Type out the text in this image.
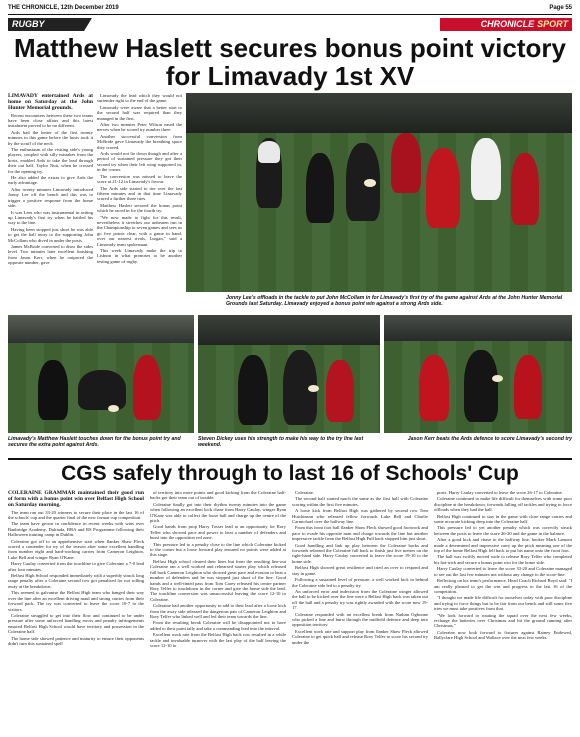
THE CHRONICLE, 12th December 2019	Page 55
RUGBY	CHRONICLE SPORT
Matthew Haslett secures bonus point victory for Limavady 1st XV

LIMAVADY entertained Ards at home on Saturday at the John Hunter Memorial grounds.

Recent encounters between these two teams have been close affairs and this latest instalment proved to be no different.

Ards had the better of the first twenty minutes in this game before the hosts took it by the scruff of the neck.

The enthusiasm of the visiting side's young players, coupled with silly mistakes from the hosts, enabled Ards to take the lead through their out half, Taylor Nutt, when he crossed for the opening try.

He also added the extras to give Ards the early advantage.

After twenty minutes Limavady introduced Jonny Lee off the bench and this was to trigger a positive response from the home side.

It was Lees who was instrumental in setting up Limavady's first try when he battled his way to the line.

Having been stopped just short he was able to get the ball away to the supporting John McCollam who dived in under the posts.

James McBride converted to draw the sides level. Two minutes later excellent finishing from Jason Kerr, when he outpaced the opposite number, gave

Limavady the lead which they would not surrender right to the end of the game.

Limavady were aware that a better start to the second half was required than they managed in the first.

After two minutes Peter Wilson eased the nerves when he scored try number three.

Another successful conversion from McBride gave Limavady the breathing space they craved.

Ards would not lie down though and after a period of sustained pressure they got their second try when their left wing supported in, in the corner.

The conversion was missed to leave the score at 21-12 in Limavady's favour.

The Ards side started to tire over the last fifteen minutes and in that time Limavady scored a further three tries.

Matthew Haslett secured the bonus point which he raced in for the fourth try.

"We now made to fight for this result, nevertheless it stretches our unbeaten run in the Championship to seven games and sees us go five points clear, with a game in hand, over our nearest rivals, Lurgan," said a Limavady team spokesman.

This week Limavady make the trip to Lisburn in what promises to be another testing game of rugby.

Jonny Lee's offloads in the tackle to put John McCollam in for Limavady's first try of the game against Ards at the John Hunter Memorial Grounds last Saturday. Limavady enjoyed a bonus point win against a strong Ards side.
Limavady's Matthew Haslett touches down for the bonus point try and secures the extra point against Ards.
Steven Dickey uses his strength to make his way to the try line last weekend.
Jason Kerr beats the Ards defence to score Limavady's second try
CGS safely through to last 16 of Schools' Cup

COLERAINE GRAMMAR maintained their good run of form with a bonus point win over Belfast High School on Saturday morning.

The team ran out 33-20 winners to secure their place in the last 16 of the schools' cup and the quarter final of the new format cup competition.

The team have grown in confidence in recent weeks with wins over Banbridge Academy, Dalriada, BRA and RS Programme following their Halloween training camp in Dublin.

Coleraine got off to an apprehensive start when flanker Shaw Fleck scored a contender for try of the season after some excellent handling from number eight and hard-working carries from Cameron Leighton, Luke Bell and winger Ryan O'Kane.

Harry Caulay converted from the touchline to give Coleraine a 7-0 lead after four minutes.

Belfast High School responded immediately with a superbly struck long range penalty after a Coleraine second row got penalised for not rolling away at the breakdown.

This seemed to galvanise the Belfast High team who banged their way over the line after an excellent driving maul and strong carries from their forward pack. The try was converted to leave the score 10-7 to the visitors.

Coleraine struggled to get into their flow and continued to be under pressure after some unforced handling errors and penalty infringements ensured Belfast High School would have territory and possession in the Coleraine half.

The home side showed patience and maturity to ensure their opponents didn't turn this sustained spell

of territory into more points and good kicking from the Coleraine half-backs got their team out of trouble.

Coleraine finally got into their rhythm twenty minutes into the game when following an excellent kick chase from Harry Caulay, winger Ryan O'Kane was able to collect the loose ball and charge up the centre of the pitch.

Good hands from prop Harry Tosser lead to an opportunity for Rory Telfer who showed pace and power to beat a number of defenders and burst into the opposition red zone.

This pressure led to a penalty close to the line which Coleraine kicked to the corner but a loose forward play ensured no points were added at this stage.

Belfast High school cleared their lines but from the resulting line-out Coleraine ran a well worked and rehearsed starter play which released full back Cameron Leighton who showed great pace and evasion to beat a number of defenders and he was stopped just short of the line. Good hands and a well-timed pass from Tom Carey released his centre partner Rory Telfer to touchdown in the corner and give the home side the lead. The touchline conversion was unsuccessful leaving the score 12-10 to Coleraine.

Coleraine had another opportunity to add to their lead after a loose kick from the away side released the dangerous pair of Cameron Leighton and Rory Telfer who linked well and led their team towards the line.

From the resulting break Coleraine will be disappointed not to have added to their point tally and take a commanding lead into the interval.

Excellent work rate from the Belfast High back row resulted in a while tackle and invaluable turnover with the last play of the half leaving the score 12-10 to

Coleraine.

The second half started much the same as the first half with Coleraine scoring within the first five minutes.

A loose kick from Belfast High was gathered by second row Tom Hutchinson who released fellow forwards Luke Bell and Charlie Carmichael over the halfway line.

From this front foot ball flanker Shaw Fleck showed good footwork and pace to evade his opposite man and charge towards the line but another impressive tackle from the Belfast High Full back stopped him just short.

Good handling and link up play between the Coleraine backs and forwards released the Coleraine full back to finish just five metres on the right-hand side. Harry Caulay converted to leave the score 19-10 to the home side.

Belfast High showed great resilience and tried an over to respond and stay in game.

Following a sustained level of pressure, a well worked kick in behind the Coleraine side led to a penalty try.

An unforced error and indecision from the Coleraine winger allowed the ball to be kicked over the line were a Belfast High back was taken out off the ball and a penalty try was rightly awarded with the score now 19-17.

Coleraine responded with an excellent break from Nathan Ogbonne who picked a line and burst through the midfield defence and deep into opposition territory.

Excellent work rate and support play from flanker Shaw Fleck allowed Coleraine to get quick ball and release Rory Telfer to score his second try under the

posts. Harry Caulay converted to leave the score 26-17 to Coleraine.

Coleraine continued to make life difficult for themselves with some poor discipline at the breakdown, forwards falling off tackles and trying to force offloads when they had the ball.

Belfast High continued to stay in the game with close range carries and some accurate kicking deep into the Coleraine half.

This pressure led to yet another penalty which was correctly struck between the posts to leave the score 26-20 and the game in the balance.

After a good kick and chase to the halfway line, hooker Mark Lamont made a determined and impressive carry up the pitch meaning one of the top of the home Belfast High fell back to put his name onto the front foot.

The ball was swiftly moved wide to release Rory Telfer who completed his hat-trick and secure a bonus point win for the home side.

Harry Caulay converted to leave the score 33-20 and Coleraine managed to see out the last few minutes not without any change to the score-line.

Reflecting on his team's performance, Head Coach Richard Boyd said: "I am really pleased to get the win and progress to the last 16 of the competition.

"I thought we made life difficult for ourselves today with poor discipline and trying to force things but to be fair from our bench and still some five tries we must take positives from that.

"We look forward to rotating the squad over the next few weeks, recharge the batteries over Christmas and hit the ground running after Christmas."

Coleraine now look forward to fixtures against Rainey Endowed, Ballyclare High School and Wallace over the next few weeks.
